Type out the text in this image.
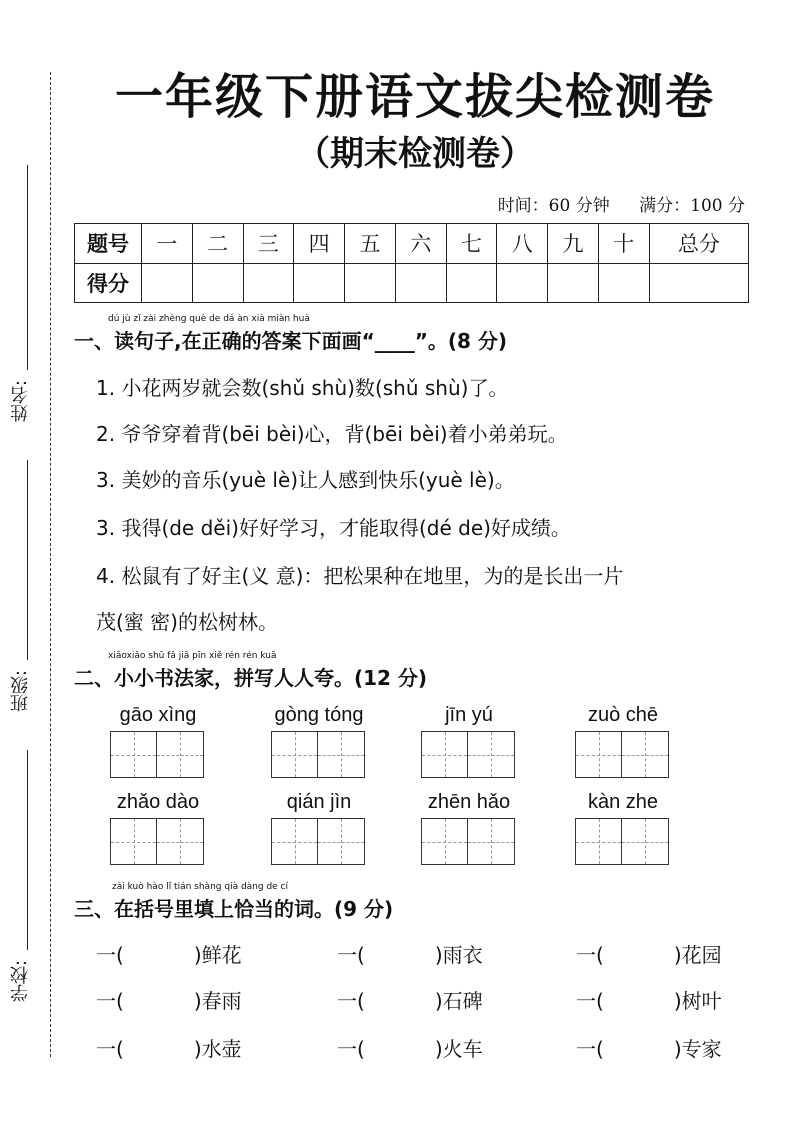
姓名:
班级:
学校:
一年级下册语文拔尖检测卷
（期末检测卷）
时间：60 分钟 满分：100 分
题号	一	二	三	四	五	六	七	八	九	十	总分
得分											
dú jù zǐ zài zhèng què de dá àn xià miàn huà
一、读句子,在正确的答案下面画“____”。(8 分)
1. 小花两岁就会数(shǔ shù)数(shǔ shù)了。
2. 爷爷穿着背(bēi bèi)心，背(bēi bèi)着小弟弟玩。
3. 美妙的音乐(yuè lè)让人感到快乐(yuè lè)。
3. 我得(de děi)好好学习，才能取得(dé de)好成绩。
4. 松鼠有了好主(义 意)：把松果种在地里，为的是长出一片
茂(蜜 密)的松树林。
xiǎoxiǎo shū fǎ jiā pīn xiě rén rén kuā
二、小小书法家，拼写人人夸。(12 分)
gāo xìng	gòng tóng	jīn yú	zuò chē
zhǎo dào	qián jìn	zhēn hǎo	kàn zhe
zài kuò hào lǐ tián shàng qià dàng de cí
三、在括号里填上恰当的词。(9 分)
一(	)鲜花	一(	)雨衣	一(	)花园
一(	)春雨	一(	)石碑	一(	)树叶
一(	)水壶	一(	)火车	一(	)专家
